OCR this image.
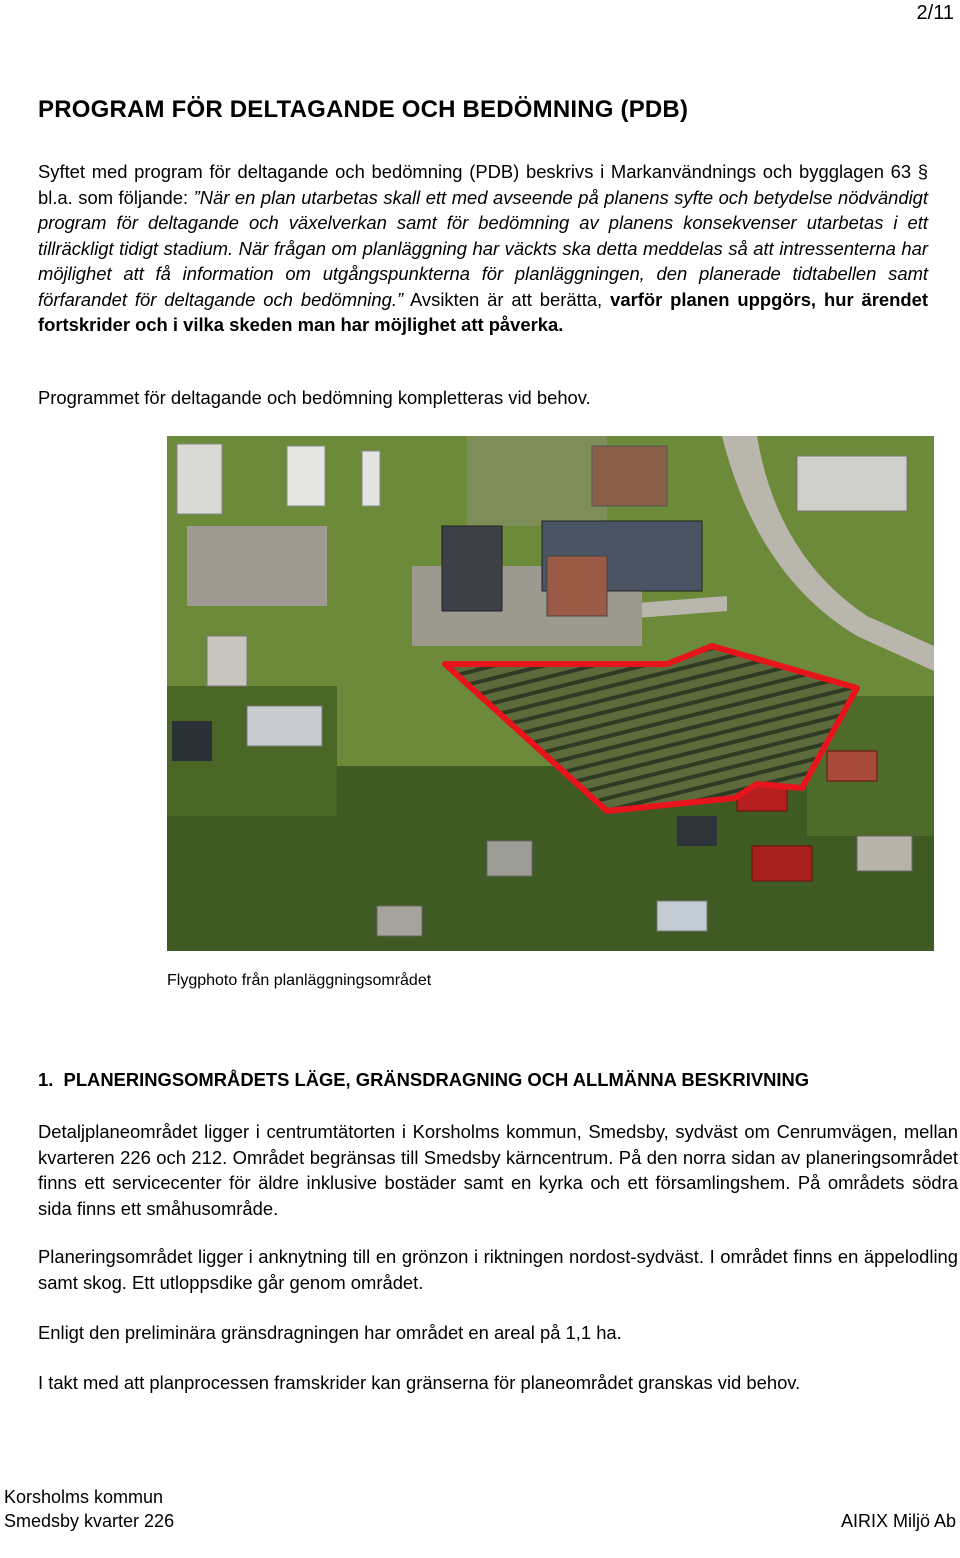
2/11
PROGRAM FÖR DELTAGANDE OCH BEDÖMNING (PDB)

Syftet med program för deltagande och bedömning (PDB) beskrivs i Markanvändnings och bygglagen 63 § bl.a. som följande: ”När en plan utarbetas skall ett med avseende på planens syfte och betydelse nödvändigt program för deltagande och växelverkan samt för bedömning av planens konsekvenser utarbetas i ett tillräckligt tidigt stadium. När frågan om planläggning har väckts ska detta meddelas så att intressenterna har möjlighet att få information om utgångspunkterna för planläggningen, den planerade tidtabellen samt förfarandet för deltagande och bedömning.” Avsikten är att berätta, varför planen uppgörs, hur ärendet fortskrider och i vilka skeden man har möjlighet att påverka.

Programmet för deltagande och bedömning kompletteras vid behov.

Flygphoto från planläggningsområdet
1.  PLANERINGSOMRÅDETS LÄGE, GRÄNSDRAGNING OCH ALLMÄNNA BESKRIVNING

Detaljplaneområdet ligger i centrumtätorten i Korsholms kommun, Smedsby, sydväst om Cenrumvägen, mellan kvarteren 226 och 212. Området begränsas till Smedsby kärncentrum. På den norra sidan av planeringsområdet finns ett servicecenter för äldre inklusive bostäder samt en kyrka och ett församlingshem. På områdets södra sida finns ett småhusområde.

Planeringsområdet ligger i anknytning till en grönzon i riktningen nordost-sydväst. I området finns en äppelodling samt skog. Ett utloppsdike går genom området.

Enligt den preliminära gränsdragningen har området en areal på 1,1 ha.

I takt med att planprocessen framskrider kan gränserna för planeområdet granskas vid behov.

Korsholms kommun
Smedsby kvarter 226	AIRIX Miljö Ab
